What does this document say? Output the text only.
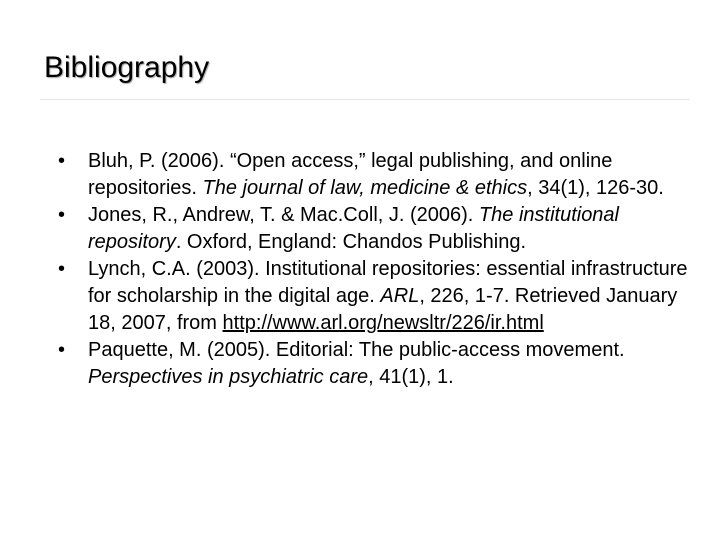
Bibliography
•	Bluh, P. (2006). “Open access,” legal publishing, and online repositories. The journal of law, medicine & ethics, 34(1), 126-30.
•	Jones, R., Andrew, T. & Mac.Coll, J. (2006). The institutional repository. Oxford, England: Chandos Publishing.
•	Lynch, C.A. (2003). Institutional repositories: essential infrastructure for scholarship in the digital age. ARL, 226, 1-7. Retrieved January 18, 2007, from http://www.arl.org/newsltr/226/ir.html
•	Paquette, M. (2005). Editorial: The public-access movement. Perspectives in psychiatric care, 41(1), 1.
